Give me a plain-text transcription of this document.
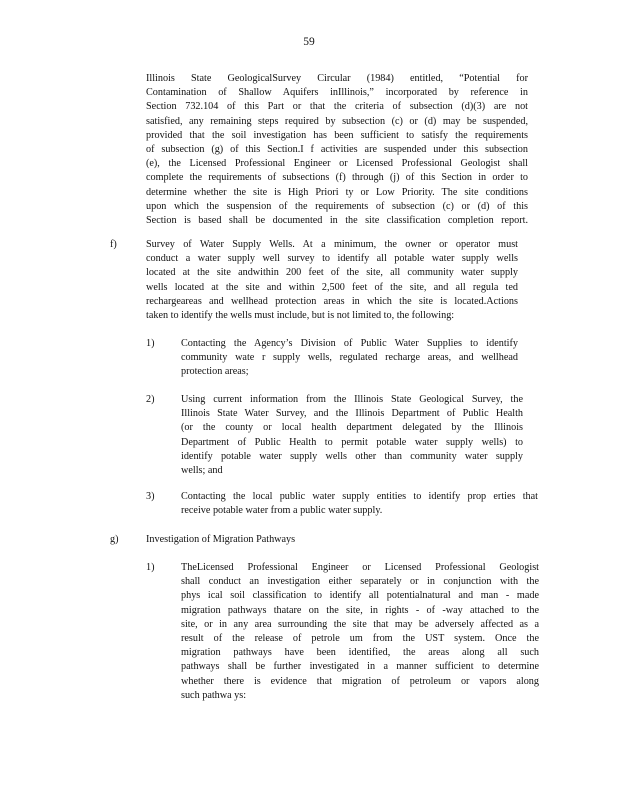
59
Illinois State GeologicalSurvey Circular (1984) entitled, “Potential for
Contamination of Shallow Aquifers inIllinois,” incorporated by reference in
Section 732.104 of this Part or that the criteria of subsection (d)(3) are not
satisfied, any remaining steps required by subsection (c) or (d) may be suspended,
provided that the soil investigation has been sufficient to satisfy the requirements
of subsection (g) of this Section.I f activities are suspended under this subsection
(e), the Licensed Professional Engineer or Licensed Professional Geologist shall
complete the requirements of subsections (f) through (j) of this Section in order to
determine whether the site is High Priori ty or Low Priority. The site conditions
upon which the suspension of the requirements of subsection (c) or (d) of this
Section is based shall be documented in the site classification completion report.
f)	Survey of Water Supply Wells. At a minimum, the owner or operator must
conduct a water supply well survey to identify all potable water supply wells
located at the site andwithin 200 feet of the site, all community water supply
wells located at the site and within 2,500 feet of the site, and all regula ted
rechargeareas and wellhead protection areas in which the site is located.Actions
taken to identify the wells must include, but is not limited to, the following:
1)	Contacting the Agency’s Division of Public Water Supplies to identify
community wate r supply wells, regulated recharge areas, and wellhead
protection areas;
2)	Using current information from the Illinois State Geological Survey, the
Illinois State Water Survey, and the Illinois Department of Public Health
(or the county or local health department delegated by the Illinois
Department of Public Health to permit potable water supply wells) to
identify potable water supply wells other than community water supply
wells; and
3)	Contacting the local public water supply entities to identify prop erties that
receive potable water from a public water supply.
g)	Investigation of Migration Pathways
1)	TheLicensed Professional Engineer or Licensed Professional Geologist
shall conduct an investigation either separately or in conjunction with the
phys ical soil classification to identify all potentialnatural and man - made
migration pathways thatare on the site, in rights - of -way attached to the
site, or in any area surrounding the site that may be adversely affected as a
result of the release of petrole um from the UST system. Once the
migration pathways have been identified, the areas along all such
pathways shall be further investigated in a manner sufficient to determine
whether there is evidence that migration of petroleum or vapors along
such pathwa ys:
